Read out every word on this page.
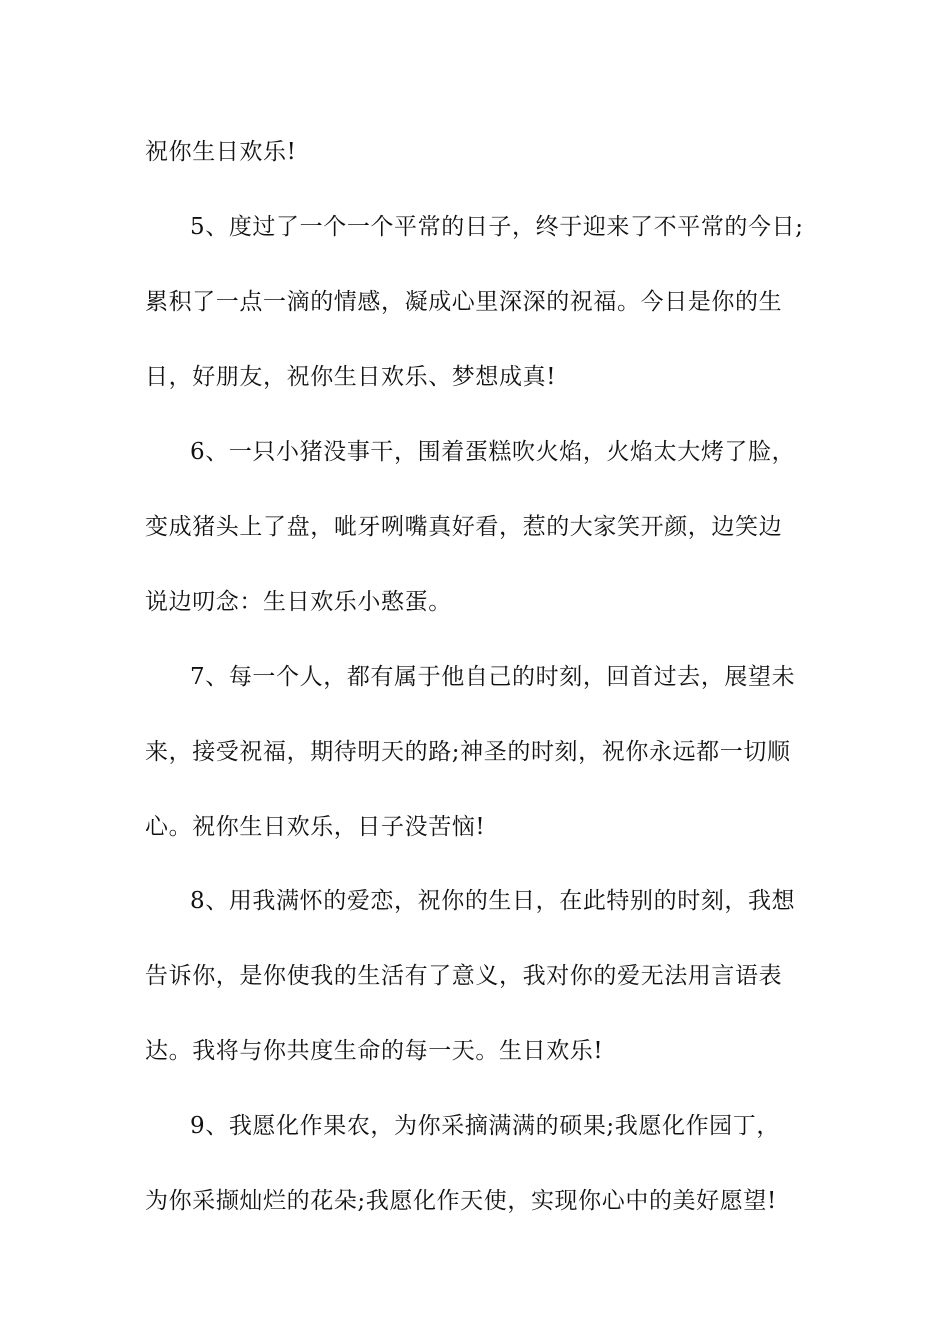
祝你生日欢乐!
5、度过了一个一个平常的日子，终于迎来了不平常的今日;
累积了一点一滴的情感，凝成心里深深的祝福。今日是你的生
日，好朋友，祝你生日欢乐、梦想成真!
6、一只小猪没事干，围着蛋糕吹火焰，火焰太大烤了脸，
变成猪头上了盘，呲牙咧嘴真好看，惹的大家笑开颜，边笑边
说边叨念：生日欢乐小憨蛋。
7、每一个人，都有属于他自己的时刻，回首过去，展望未
来，接受祝福，期待明天的路;神圣的时刻，祝你永远都一切顺
心。祝你生日欢乐，日子没苦恼!
8、用我满怀的爱恋，祝你的生日，在此特别的时刻，我想
告诉你，是你使我的生活有了意义，我对你的爱无法用言语表
达。我将与你共度生命的每一天。生日欢乐!
9、我愿化作果农，为你采摘满满的硕果;我愿化作园丁，
为你采撷灿烂的花朵;我愿化作天使，实现你心中的美好愿望!
